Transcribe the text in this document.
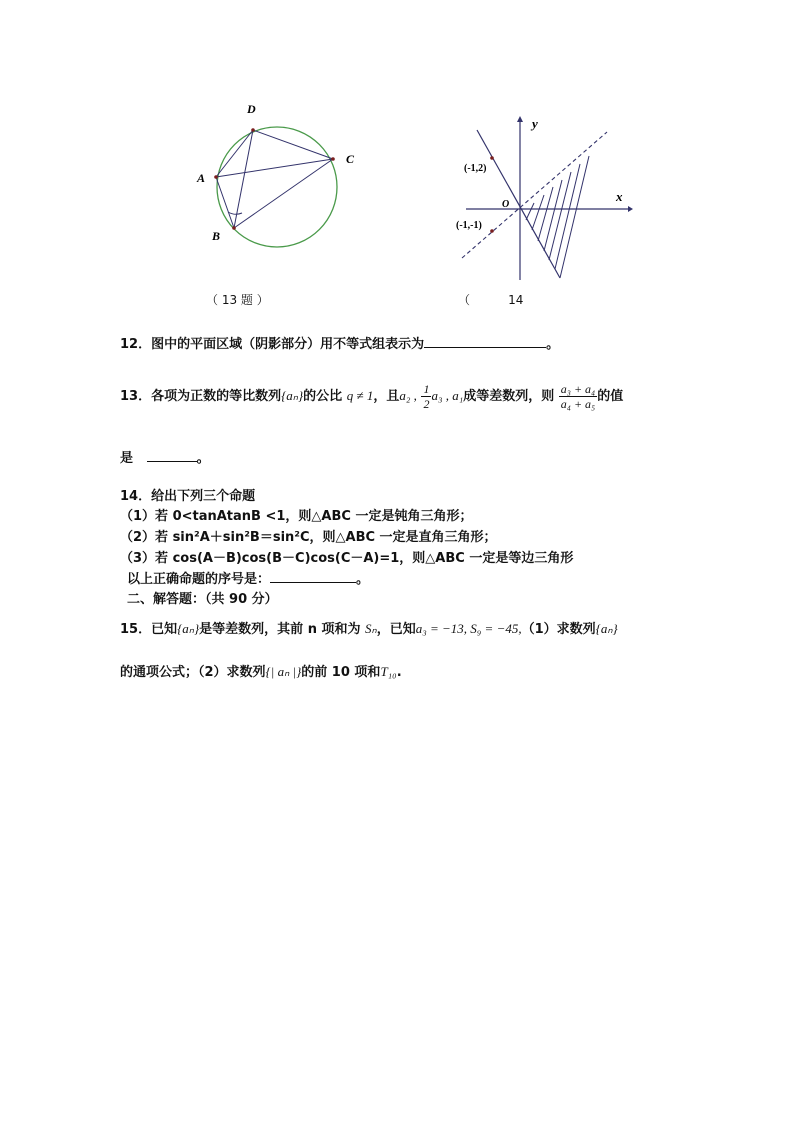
D
A
C
B
（ 13 题 ）
y
x
O
(-1,2)
(-1,-1)
（          14
12．图中的平面区域（阴影部分）用不等式组表示为	。
13．各项为正数的等比数列{aₙ}的公比 q ≠ 1，且a₂ , $\frac{1}{2} a_3$ , a₁成等差数列，则 $\frac{\text{a₃ + a₄}}{\text{a₄ + a₅}}$ 的值
是	。
14．给出下列三个命题
（1）若 0<tanAtanB <1，则△ABC 一定是钝角三角形；
（2）若 sin²A＋sin²B＝sin²C，则△ABC 一定是直角三角形；
（3）若 cos(A－B)cos(B－C)cos(C－A)=1，则△ABC 一定是等边三角形
以上正确命题的序号是：	。
二、解答题：（共 90 分）
15．已知{aₙ}是等差数列，其前 n 项和为 Sₙ，已知a₃ = −13, S₉ = −45,（1）求数列{aₙ}
的通项公式；（2）求数列{| aₙ |}的前 10 项和T₁₀.
